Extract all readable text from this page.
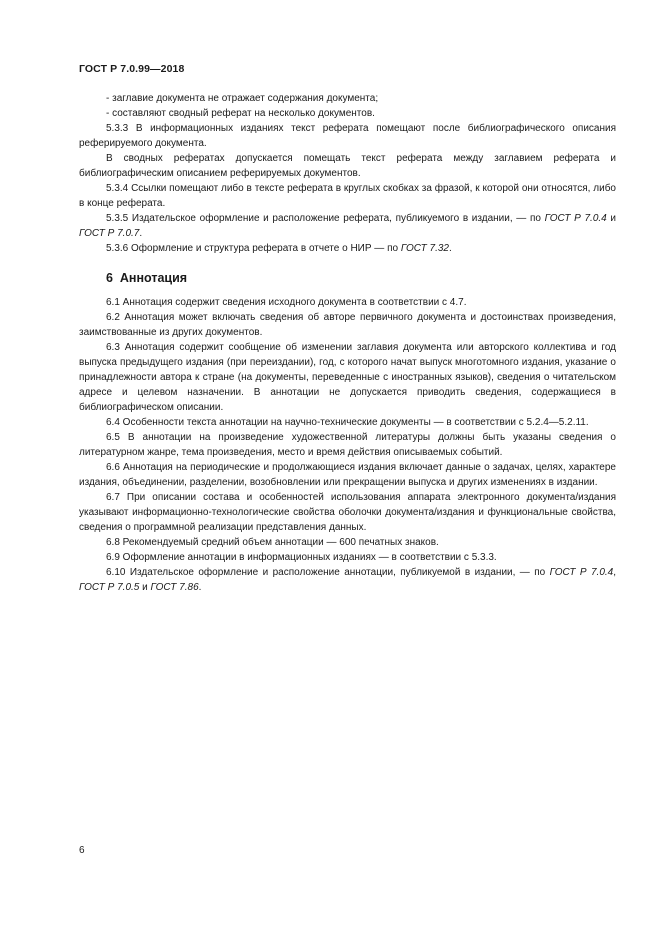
ГОСТ Р 7.0.99—2018

- заглавие документа не отражает содержания документа;

- составляют сводный реферат на несколько документов.

5.3.3 В информационных изданиях текст реферата помещают после библиографического описания реферируемого документа.

В сводных рефератах допускается помещать текст реферата между заглавием реферата и библиографическим описанием реферируемых документов.

5.3.4 Ссылки помещают либо в тексте реферата в круглых скобках за фразой, к которой они относятся, либо в конце реферата.

5.3.5 Издательское оформление и расположение реферата, публикуемого в издании, — по ГОСТ Р 7.0.4 и ГОСТ Р 7.0.7.

5.3.6 Оформление и структура реферата в отчете о НИР — по ГОСТ 7.32.

6 Аннотация

6.1 Аннотация содержит сведения исходного документа в соответствии с 4.7.

6.2 Аннотация может включать сведения об авторе первичного документа и достоинствах произведения, заимствованные из других документов.

6.3 Аннотация содержит сообщение об изменении заглавия документа или авторского коллектива и год выпуска предыдущего издания (при переиздании), год, с которого начат выпуск многотомного издания, указание о принадлежности автора к стране (на документы, переведенные с иностранных языков), сведения о читательском адресе и целевом назначении. В аннотации не допускается приводить сведения, содержащиеся в библиографическом описании.

6.4 Особенности текста аннотации на научно-технические документы — в соответствии с 5.2.4—5.2.11.

6.5 В аннотации на произведение художественной литературы должны быть указаны сведения о литературном жанре, тема произведения, место и время действия описываемых событий.

6.6 Аннотация на периодические и продолжающиеся издания включает данные о задачах, целях, характере издания, объединении, разделении, возобновлении или прекращении выпуска и других изменениях в издании.

6.7 При описании состава и особенностей использования аппарата электронного документа/издания указывают информационно-технологические свойства оболочки документа/издания и функциональные свойства, сведения о программной реализации представления данных.

6.8 Рекомендуемый средний объем аннотации — 600 печатных знаков.

6.9 Оформление аннотации в информационных изданиях — в соответствии с 5.3.3.

6.10 Издательское оформление и расположение аннотации, публикуемой в издании, — по ГОСТ Р 7.0.4, ГОСТ Р 7.0.5 и ГОСТ 7.86.

6
